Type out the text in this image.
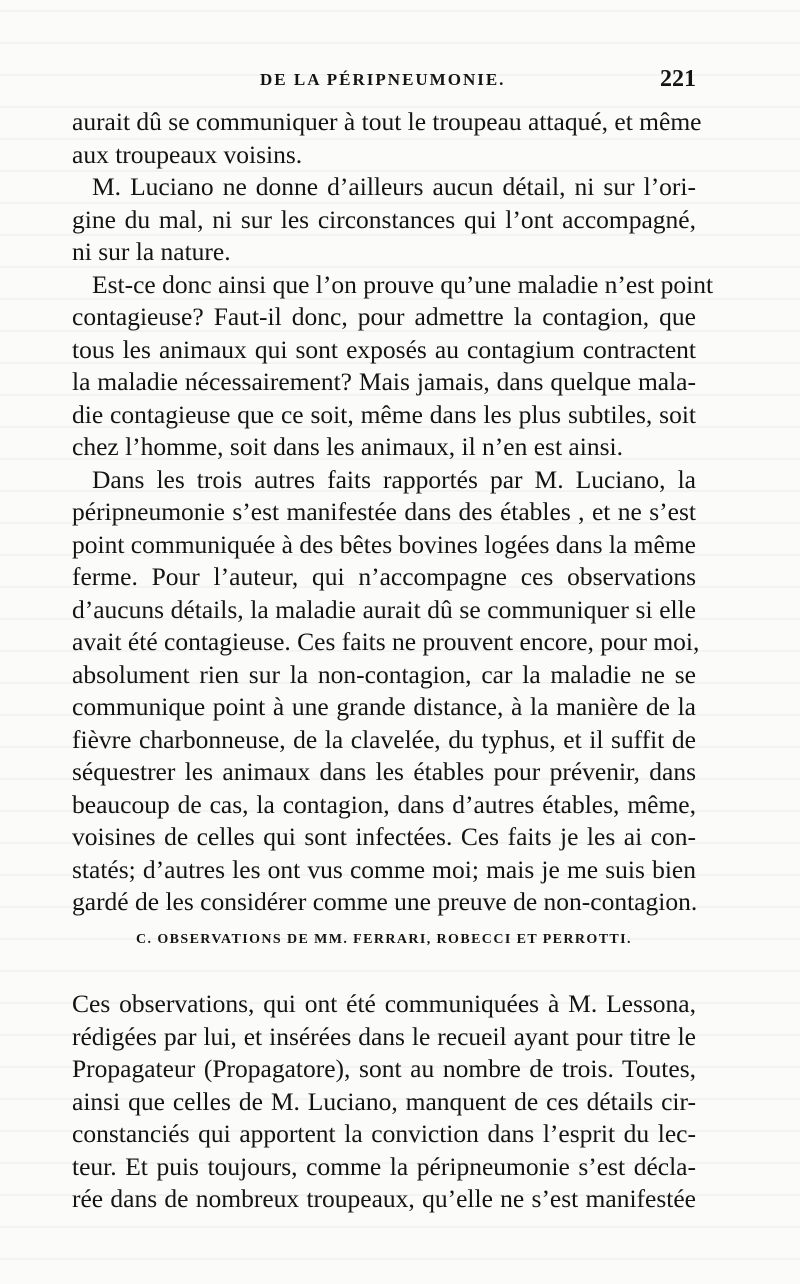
DE LA PÉRIPNEUMONIE.	221
aurait dû se communiquer à tout le troupeau attaqué, et même
aux troupeaux voisins.
M. Luciano ne donne d’ailleurs aucun détail, ni sur l’ori-
gine du mal, ni sur les circonstances qui l’ont accompagné,
ni sur la nature.
Est-ce donc ainsi que l’on prouve qu’une maladie n’est point
contagieuse? Faut-il donc, pour admettre la contagion, que
tous les animaux qui sont exposés au contagium contractent
la maladie nécessairement? Mais jamais, dans quelque mala-
die contagieuse que ce soit, même dans les plus subtiles, soit
chez l’homme, soit dans les animaux, il n’en est ainsi.
Dans les trois autres faits rapportés par M. Luciano, la
péripneumonie s’est manifestée dans des étables , et ne s’est
point communiquée à des bêtes bovines logées dans la même
ferme. Pour l’auteur, qui n’accompagne ces observations
d’aucuns détails, la maladie aurait dû se communiquer si elle
avait été contagieuse. Ces faits ne prouvent encore, pour moi,
absolument rien sur la non-contagion, car la maladie ne se
communique point à une grande distance, à la manière de la
fièvre charbonneuse, de la clavelée, du typhus, et il suffit de
séquestrer les animaux dans les étables pour prévenir, dans
beaucoup de cas, la contagion, dans d’autres étables, même,
voisines de celles qui sont infectées. Ces faits je les ai con-
statés; d’autres les ont vus comme moi; mais je me suis bien
gardé de les considérer comme une preuve de non-contagion.
C. OBSERVATIONS DE MM. FERRARI, ROBECCI ET PERROTTI.
Ces observations, qui ont été communiquées à M. Lessona,
rédigées par lui, et insérées dans le recueil ayant pour titre le
Propagateur (Propagatore), sont au nombre de trois. Toutes,
ainsi que celles de M. Luciano, manquent de ces détails cir-
constanciés qui apportent la conviction dans l’esprit du lec-
teur. Et puis toujours, comme la péripneumonie s’est décla-
rée dans de nombreux troupeaux, qu’elle ne s’est manifestée
